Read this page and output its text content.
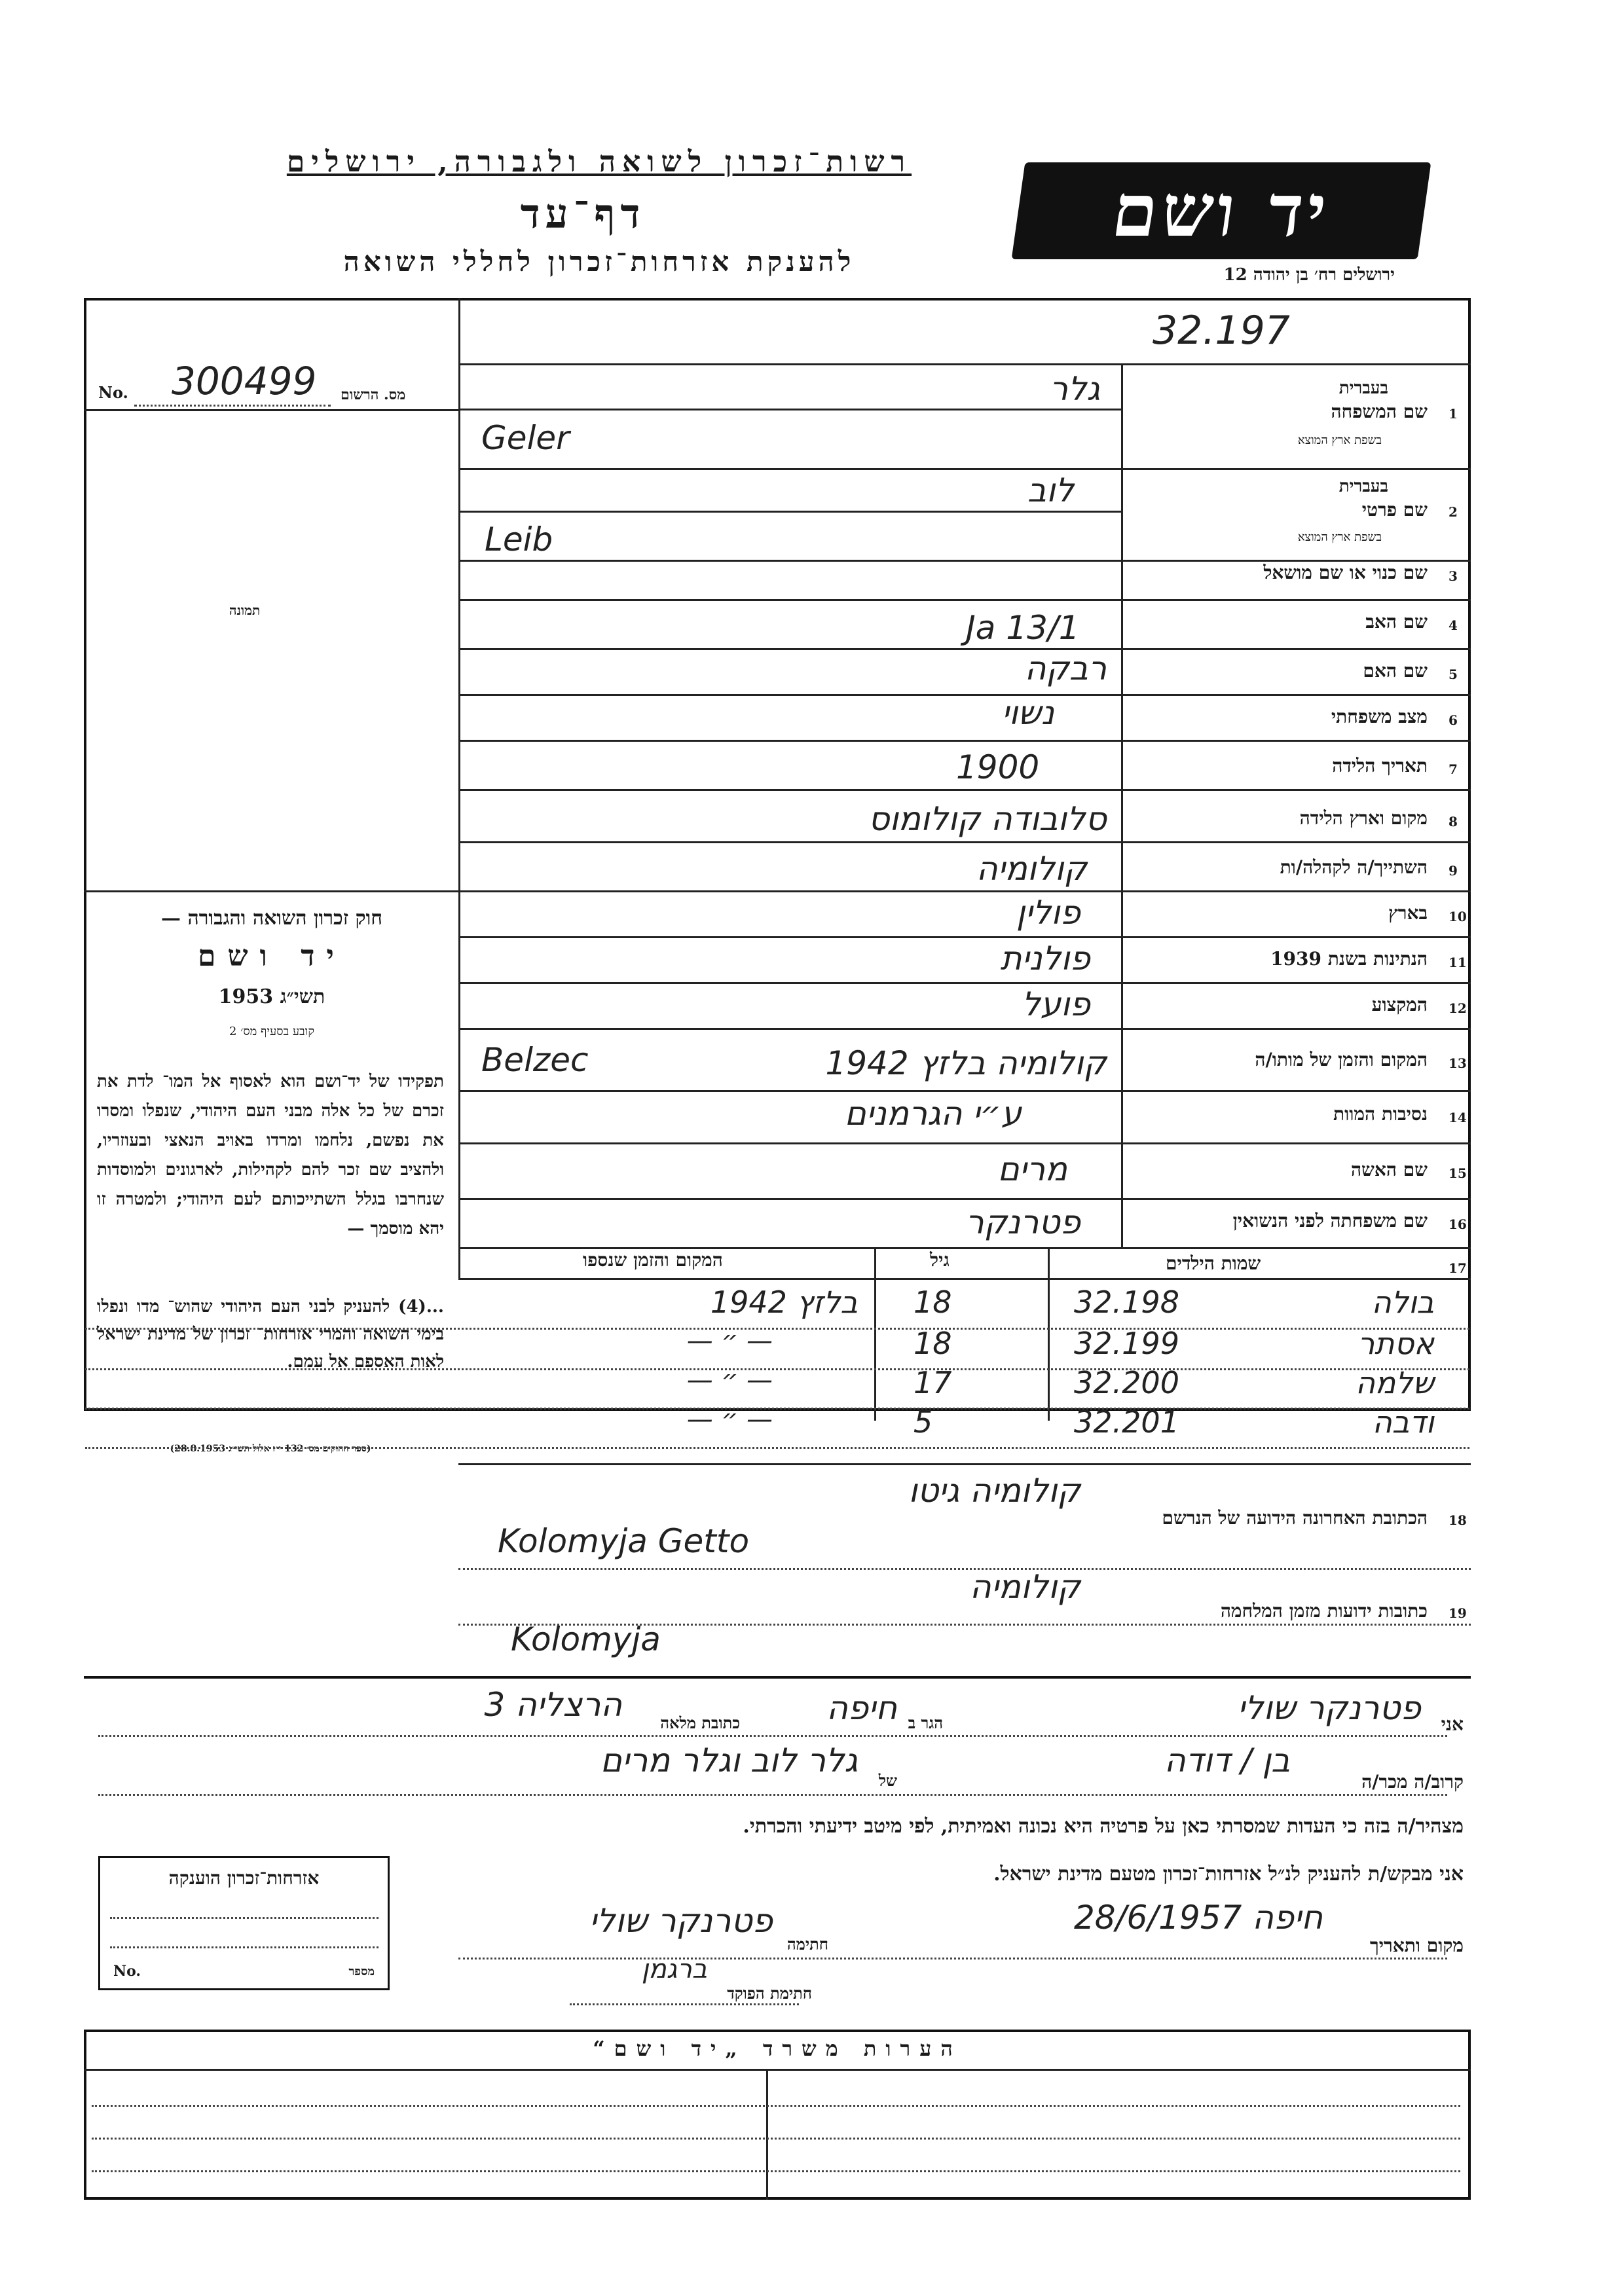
רשות־זכרון לשואה ולגבורה, ירושלים
דף־עד
להענקת אזרחות־זכרון לחללי השואה
יד ושם
ירושלים רח׳ בן יהודה 12
32.197
No. 300499 מס. הרשום
תמונה
חוק זכרון השואה והגבורה —
יד ושם
תשי״ג 1953
קובע בסעיף מס׳ 2
תפקידו של יד־ושם הוא לאסוף אל המו־ לדת את זכרם של כל אלה מבני העם היהודי, שנפלו ומסרו את נפשם, נלחמו ומרדו באויב הנאצי ובעוזריו, ולהציב שם זכר להם לקהילות, לארגונים ולמוסדות שנחרבו בגלל השתייכותם לעם היהודי; ולמטרה זו יהא מוסמך —
...(4) להעניק לבני העם היהודי שהוש־ מדו ונפלו בימי השואה והמרי אזרחות־ זכרון של מדינת ישראל לאות האספם אל עמם.
(ספר החוקים מס׳ 132 י״ז אלול תשי״ג 28.8.1953)
1
שם המשפחה
בעברית
בשפת ארץ המוצא
גלר
Geler
2
שם פרטי
בעברית
בשפת ארץ המוצא
לוב
Leib
3
שם כנוי או שם מושאל
4
שם האב
Ja 13/1
5
שם האם
רבקה
6
מצב משפחתי
נשוי
7
תאריך הלידה
1900
8
מקום וארץ הלידה
סלובודה קולומוס
9
השתייך/ה לקהלה/ות
קולומיה
10
בארץ
פולין
11
הנתינות בשנת 1939
פולנית
12
המקצוע
פועל
13
המקום והזמן של מותו/ה
Belzec	קולומיה בלזץ 1942
14
נסיבות המוות
ע״י הגרמנים
15
שם האשה
מרים
16
שם משפחתה לפני הנשואין
פטרנקר
17
שמות הילדים
גיל
המקום והזמן שנספו
בולה
32.198
18
בלזץ 1942
אסתר
32.199
18
— ״ —
שלמה
32.200
17
— ״ —
ודבה
32.201
5
— ״ —
18
הכתובת האחרונה הידועה של הנרשם
קולומיה גיטו
Kolomyja Getto
19
כתובות ידועות מזמן המלחמה
קולומיה
Kolomyja
אני
פטרנקר שולי
הגר ב
חיפה
כתובת מלאה
הרצליה 3
קרוב/ה מכר/ה
בן / דודה
של
גלר לוב וגלר מרים
מצהיר/ה בזה כי העדות שמסרתי כאן על פרטיה היא נכונה ואמיתית, לפי מיטב ידיעתי והכרתי.
אני מבקש/ת להעניק לנ״ל אזרחות־זכרון מטעם מדינת ישראל.
מקום ותאריך
חיפה 28/6/1957
חתימה
פטרנקר שולי
חתימת הפוקד
ברגמן
אזרחות־זכרון הוענקה
No.	מספר
הערות משרד „יד ושם“
